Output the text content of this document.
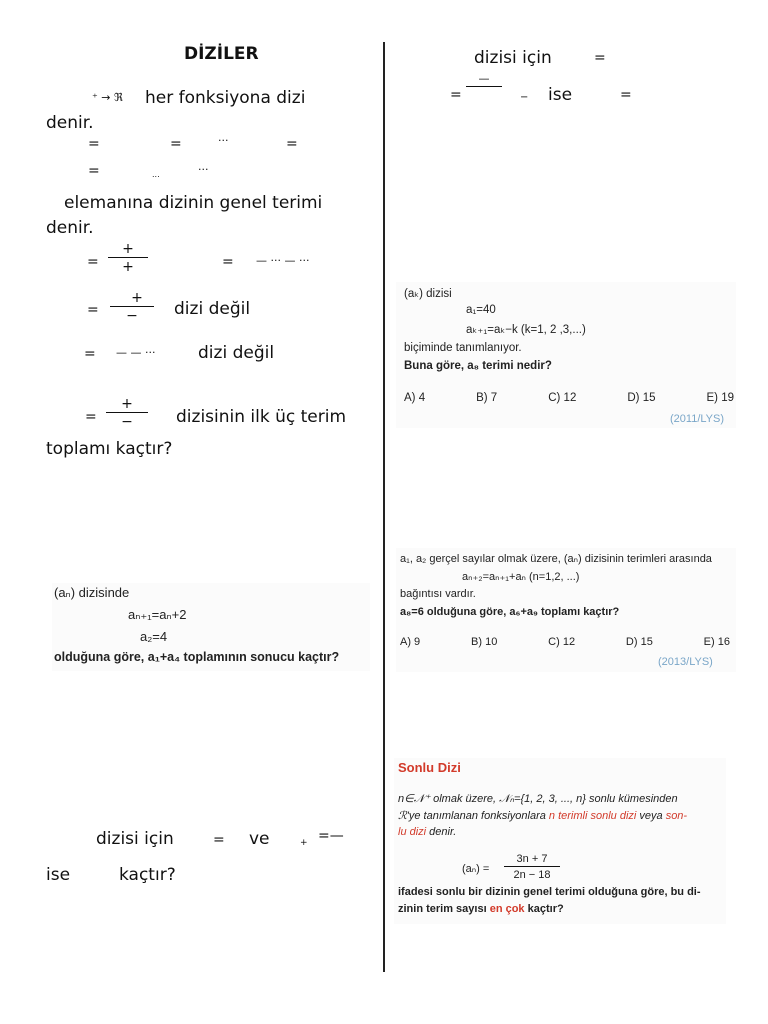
DİZİLER
⁺ → ℜ her fonksiyona dizi
denir.
=	=	···	=
=	...	···
elemanına dizinin genel terimi
denir.
=
+
+	= — ··· — ···
=
+
−	dizi değil
= — — ···	dizi değil
=
+
−	dizisinin ilk üç terim
toplamı kaçtır?
(aₙ) dizisinde
aₙ₊₁=aₙ+2
a₂=4
olduğuna göre, a₁+a₄ toplamının sonucu kaçtır?
dizisi için	= ve	+ =—
ise	kaçtır?
dizisi için	=
=
—
− ise	=
(aₖ) dizisi
a₁=40
aₖ₊₁=aₖ−k (k=1, 2 ,3,...)
biçiminde tanımlanıyor.
Buna göre, a₈ terimi nedir?
A) 4	B) 7	C) 12	D) 15	E) 19
(2011/LYS)
a₁, a₂ gerçel sayılar olmak üzere, (aₙ) dizisinin terimleri arasında
aₙ₊₂=aₙ₊₁+aₙ (n=1,2, ...)
bağıntısı vardır.
a₈=6 olduğuna göre, a₆+a₉ toplamı kaçtır?
A) 9	B) 10	C) 12	D) 15	E) 16
(2013/LYS)
Sonlu Dizi
n∈𝒩⁺ olmak üzere, 𝒩ₙ={1, 2, 3, ..., n} sonlu kümesinden
ℛ'ye tanımlanan fonksiyonlara n terimli sonlu dizi veya son-
lu dizi denir.
(aₙ) =
3n + 7
2n − 18
ifadesi sonlu bir dizinin genel terimi olduğuna göre, bu di-
zinin terim sayısı en çok kaçtır?
